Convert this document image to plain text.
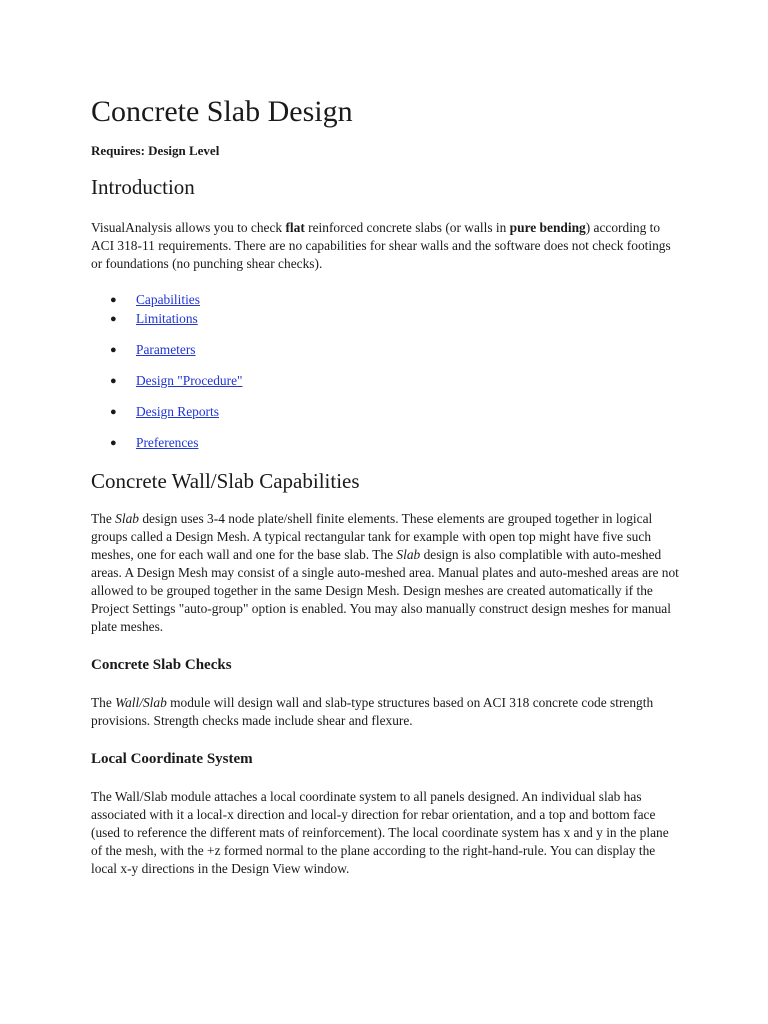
Concrete Slab Design
Requires: Design Level
Introduction

VisualAnalysis allows you to check flat reinforced concrete slabs (or walls in pure bending) according to ACI 318-11 requirements. There are no capabilities for shear walls and the software does not check footings or foundations (no punching shear checks).

● Capabilities
● Limitations
● Parameters
● Design "Procedure"
● Design Reports
● Preferences
Concrete Wall/Slab Capabilities

The Slab design uses 3-4 node plate/shell finite elements. These elements are grouped together in logical groups called a Design Mesh. A typical rectangular tank for example with open top might have five such meshes, one for each wall and one for the base slab. The Slab design is also complatible with auto-meshed areas. A Design Mesh may consist of a single auto-meshed area. Manual plates and auto-meshed areas are not allowed to be grouped together in the same Design Mesh. Design meshes are created automatically if the Project Settings "auto-group" option is enabled. You may also manually construct design meshes for manual plate meshes.

Concrete Slab Checks

The Wall/Slab module will design wall and slab-type structures based on ACI 318 concrete code strength provisions. Strength checks made include shear and flexure.

Local Coordinate System

The Wall/Slab module attaches a local coordinate system to all panels designed. An individual slab has associated with it a local-x direction and local-y direction for rebar orientation, and a top and bottom face (used to reference the different mats of reinforcement). The local coordinate system has x and y in the plane of the mesh, with the +z formed normal to the plane according to the right-hand-rule. You can display the local x-y directions in the Design View window.
